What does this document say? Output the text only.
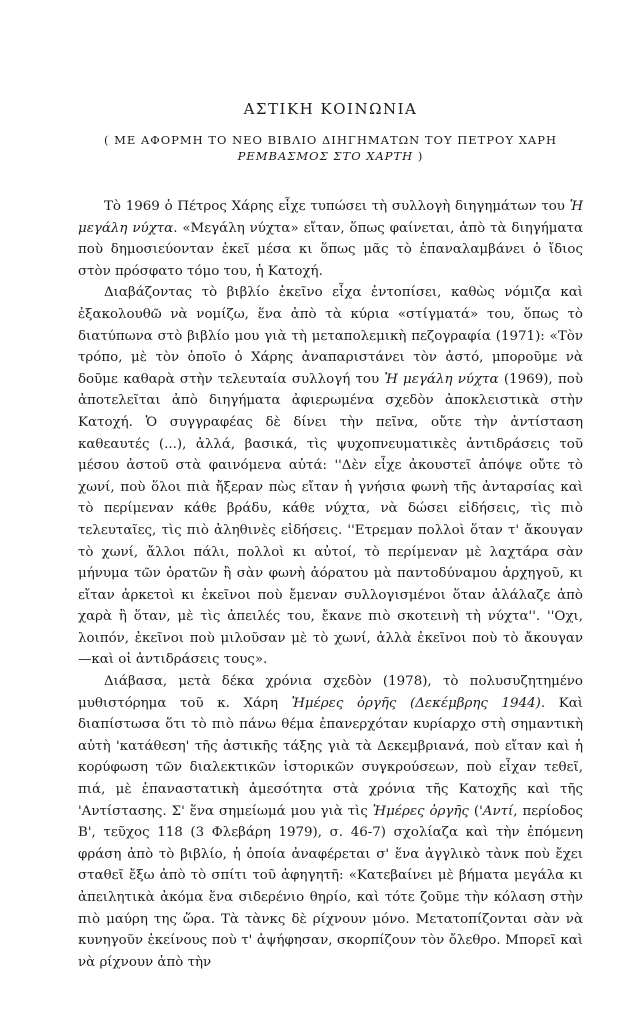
ΑΣΤΙΚΗ ΚΟΙΝΩΝΙΑ
( ΜΕ ΑΦΟΡΜΗ ΤΟ ΝΕΟ ΒΙΒΛΙΟ ΔΙΗΓΗΜΑΤΩΝ ΤΟΥ ΠΕΤΡΟΥ ΧΑΡΗ ΡΕΜΒΑΣΜΟΣ ΣΤΟ ΧΑΡΤΗ )

Τὸ 1969 ὁ Πέτρος Χάρης εἶχε τυπώσει τὴ συλλογὴ διηγημάτων του Ἡ μεγάλη νύχτα. «Μεγάλη νύχτα» εἴταν, ὅπως φαίνεται, ἀπὸ τὰ διηγήματα ποὺ δημοσιεύονταν ἐκεῖ μέσα κι ὅπως μᾶς τὸ ἐπαναλαμβάνει ὁ ἴδιος στὸν πρόσφατο τόμο του, ἡ Κατοχή.

Διαβάζοντας τὸ βιβλίο ἐκεῖνο εἶχα ἐντοπίσει, καθὼς νόμιζα καὶ ἐξακολουθῶ νὰ νομίζω, ἕνα ἀπὸ τὰ κύρια «στίγματά» του, ὅπως τὸ διατύπωνα στὸ βιβλίο μου γιὰ τὴ μεταπολεμικὴ πεζογραφία (1971): «Τὸν τρόπο, μὲ τὸν ὁποῖο ὁ Χάρης ἀναπαριστάνει τὸν ἀστό, μποροῦμε νὰ δοῦμε καθαρὰ στὴν τελευταία συλλογή του Ἡ μεγάλη νύχτα (1969), ποὺ ἀποτελεῖται ἀπὸ διηγήματα ἀφιερωμένα σχεδὸν ἀποκλειστικὰ στὴν Κατοχή. Ὁ συγγραφέας δὲ δίνει τὴν πεῖνα, οὔτε τὴν ἀντίσταση καθεαυτές (...), ἀλλά, βασικά, τὶς ψυχοπνευματικὲς ἀντιδράσεις τοῦ μέσου ἀστοῦ στὰ φαινόμενα αὐτά: ''Δὲν εἶχε ἀκουστεῖ ἀπόψε οὔτε τὸ χωνί, ποὺ ὅλοι πιὰ ἤξεραν πὼς εἴταν ἡ γνήσια φωνὴ τῆς ἀνταρσίας καὶ τὸ περίμεναν κάθε βράδυ, κάθε νύχτα, νὰ δώσει εἰδήσεις, τὶς πιὸ τελευταῖες, τὶς πιὸ ἀληθινὲς εἰδήσεις. ''Ετρεμαν πολλοὶ ὅταν τ' ἄκουγαν τὸ χωνί, ἄλλοι πάλι, πολλοὶ κι αὐτοί, τὸ περίμεναν μὲ λαχτάρα σὰν μήνυμα τῶν ὁρατῶν ἢ σὰν φωνὴ ἀόρατου μὰ παντοδύναμου ἀρχηγοῦ, κι εἴταν ἀρκετοὶ κι ἐκεῖνοι ποὺ ἔμεναν συλλογισμένοι ὅταν ἀλάλαζε ἀπὸ χαρὰ ἢ ὅταν, μὲ τὶς ἀπειλές του, ἔκανε πιὸ σκοτεινὴ τὴ νύχτα''. ''Οχι, λοιπόν, ἐκεῖνοι ποὺ μιλοῦσαν μὲ τὸ χωνί, ἀλλὰ ἐκεῖνοι ποὺ τὸ ἄκουγαν —καὶ οἱ ἀντιδράσεις τους».

Διάβασα, μετὰ δέκα χρόνια σχεδὸν (1978), τὸ πολυσυζητημένο μυθιστόρημα τοῦ κ. Χάρη Ἡμέρες ὀργῆς (Δεκέμβρης 1944). Καὶ διαπίστωσα ὅτι τὸ πιὸ πάνω θέμα ἐπανερχόταν κυρίαρχο στὴ σημαντικὴ αὐτὴ 'κατάθεση' τῆς ἀστικῆς τάξης γιὰ τὰ Δεκεμβριανά, ποὺ εἴταν καὶ ἡ κορύφωση τῶν διαλεκτικῶν ἱστορικῶν συγκρούσεων, ποὺ εἶχαν τεθεῖ, πιά, μὲ ἐπαναστατικὴ ἀμεσότητα στὰ χρόνια τῆς Κατοχῆς καὶ τῆς 'Αντίστασης. Σ' ἕνα σημείωμά μου γιὰ τὶς Ἡμέρες ὀργῆς ('Αντί, περίοδος Β', τεῦχος 118 (3 Φλεβάρη 1979), σ. 46-7) σχολίαζα καὶ τὴν ἑπόμενη φράση ἀπὸ τὸ βιβλίο, ἡ ὁποία ἀναφέρεται σ' ἕνα ἀγγλικὸ τὰνκ ποὺ ἔχει σταθεῖ ἔξω ἀπὸ τὸ σπίτι τοῦ ἀφηγητῆ: «Κατεβαίνει μὲ βήματα μεγάλα κι ἀπειλητικὰ ἀκόμα ἕνα σιδερένιο θηρίο, καὶ τότε ζοῦμε τὴν κόλαση στὴν πιὸ μαύρη της ὥρα. Τὰ τὰνκς δὲ ρίχνουν μόνο. Μετατοπίζονται σὰν νὰ κυνηγοῦν ἐκείνους ποὺ τ' ἀψήφησαν, σκορπίζουν τὸν ὄλεθρο. Μπορεῖ καὶ νὰ ρίχνουν ἀπὸ τὴν
